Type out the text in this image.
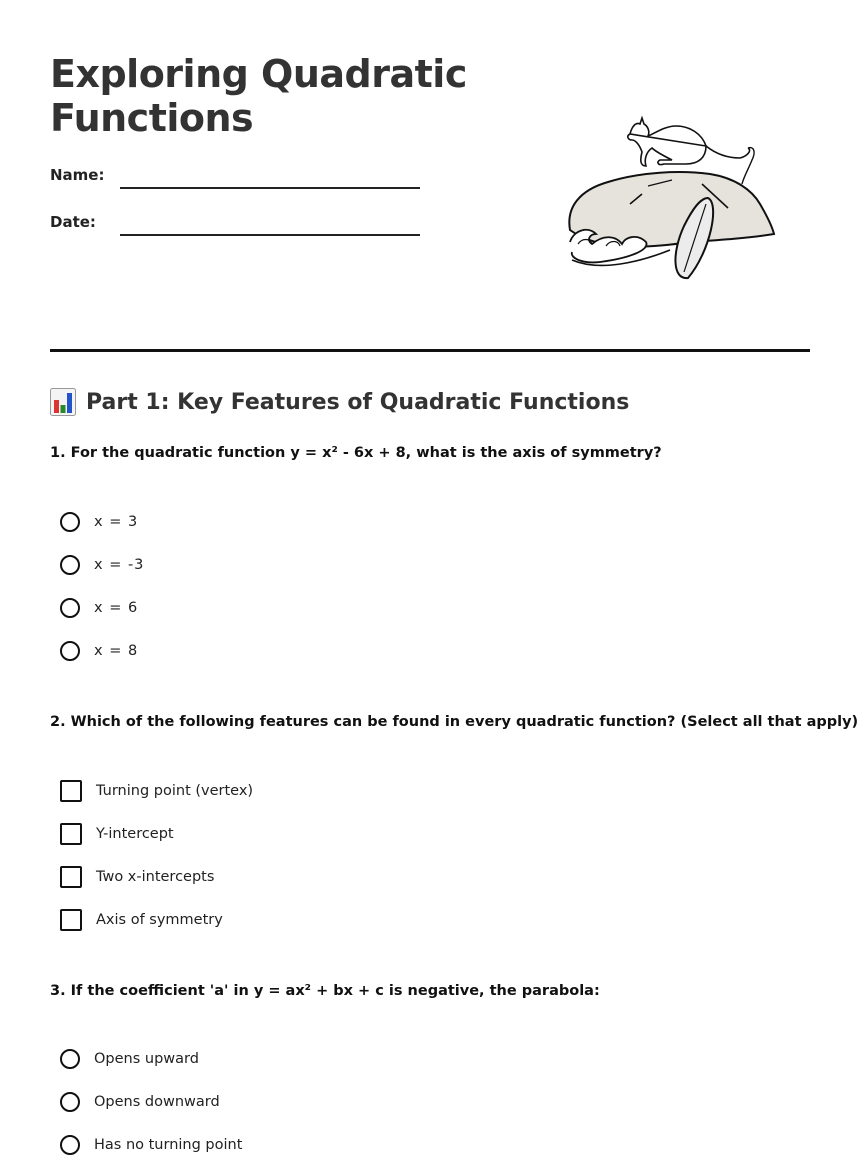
Exploring Quadratic
Functions
Name:
Date:
Part 1: Key Features of Quadratic Functions

1. For the quadratic function y = x² - 6x + 8, what is the axis of symmetry?

x = 3
x = -3
x = 6
x = 8

2. Which of the following features can be found in every quadratic function? (Select all that apply)

Turning point (vertex)
Y-intercept
Two x-intercepts
Axis of symmetry

3. If the coefficient 'a' in y = ax² + bx + c is negative, the parabola:

Opens upward
Opens downward
Has no turning point
